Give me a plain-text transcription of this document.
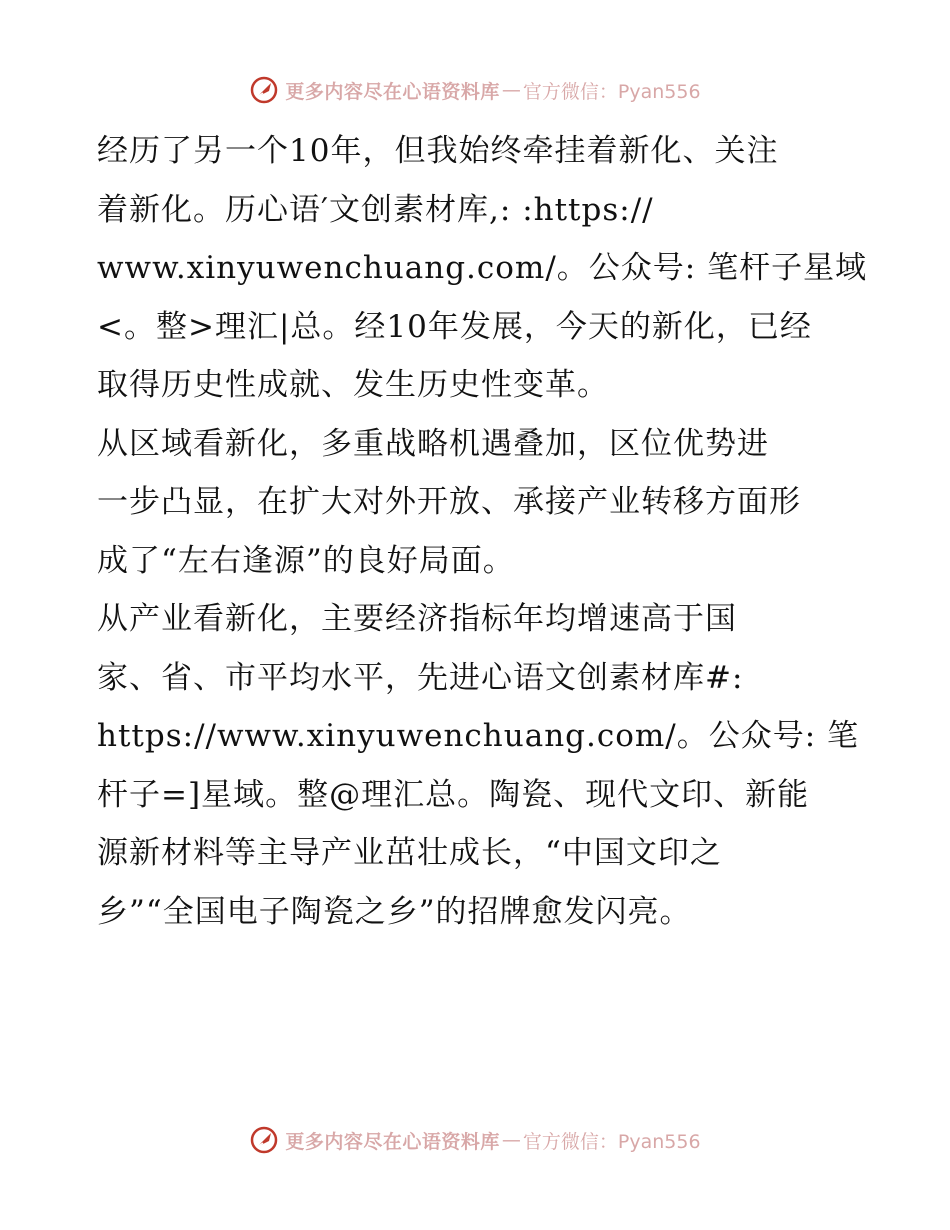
更多内容尽在心语资料库 — 官方微信：Pyan556
经历了另一个10年，但我始终牵挂着新化、关注
着新化。历心语′文创素材库,: :https://
www.xinyuwenchuang.com/。公众号: 笔杆子星域
<。整>理汇|总。经10年发展，今天的新化，已经
取得历史性成就、发生历史性变革。
从区域看新化，多重战略机遇叠加，区位优势进
一步凸显，在扩大对外开放、承接产业转移方面形
成了“左右逢源”的良好局面。
从产业看新化，主要经济指标年均增速高于国
家、省、市平均水平，先进心语文创素材库#:
https://www.xinyuwenchuang.com/。公众号: 笔
杆子=]星域。整@理汇总。陶瓷、现代文印、新能
源新材料等主导产业茁壮成长，“中国文印之
乡”“全国电子陶瓷之乡”的招牌愈发闪亮。
更多内容尽在心语资料库 — 官方微信：Pyan556
